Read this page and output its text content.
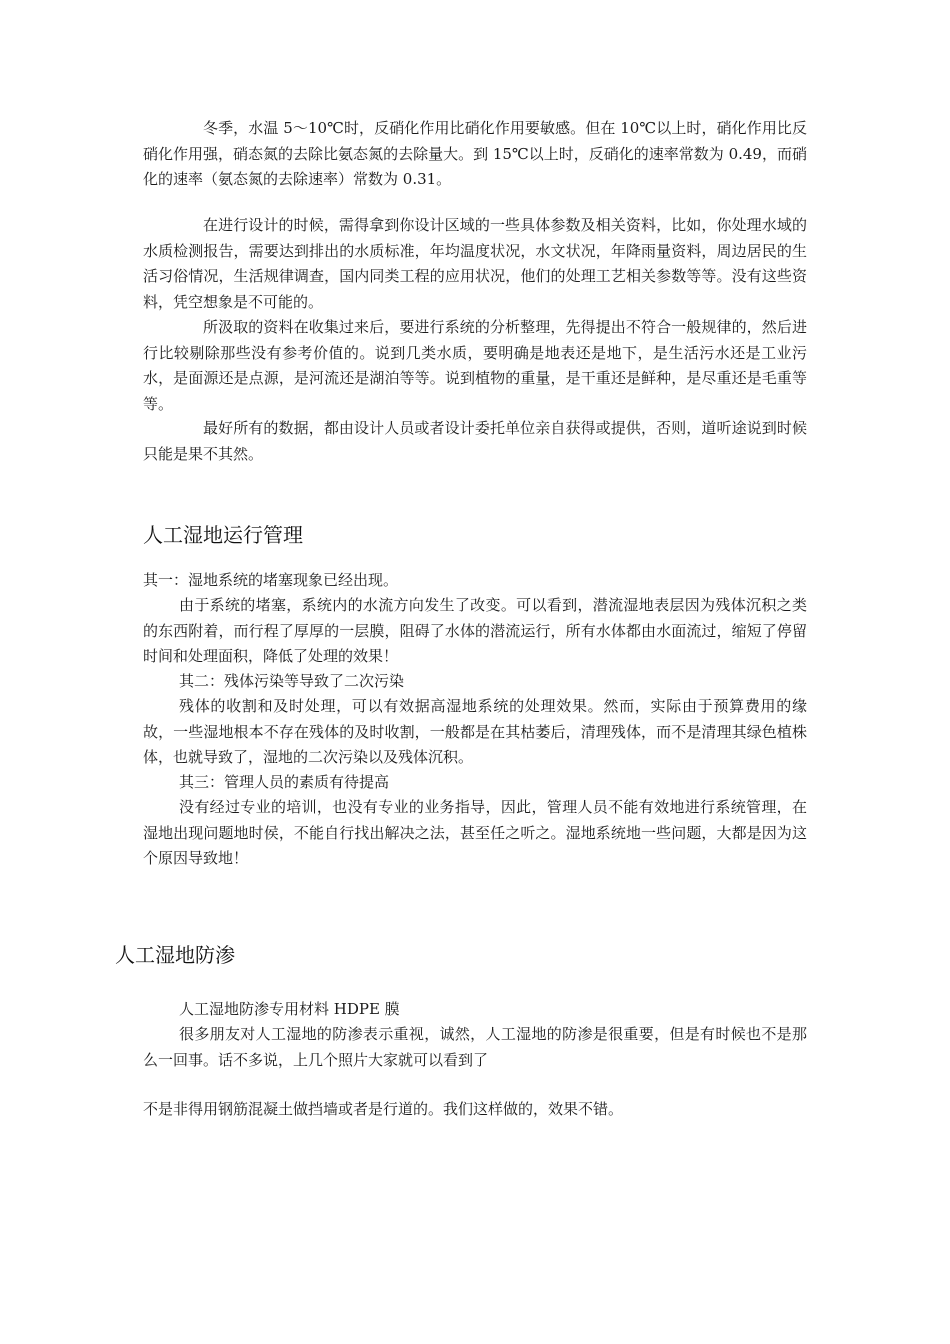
冬季，水温 5～10℃时，反硝化作用比硝化作用要敏感。但在 10℃以上时，硝化作用比反硝化作用强，硝态氮的去除比氨态氮的去除量大。到 15℃以上时，反硝化的速率常数为 0.49，而硝化的速率（氨态氮的去除速率）常数为 0.31。

在进行设计的时候，需得拿到你设计区域的一些具体参数及相关资料，比如，你处理水域的水质检测报告，需要达到排出的水质标准，年均温度状况，水文状况，年降雨量资料，周边居民的生活习俗情况，生活规律调查，国内同类工程的应用状况，他们的处理工艺相关参数等等。没有这些资料，凭空想象是不可能的。

所汲取的资料在收集过来后，要进行系统的分析整理，先得提出不符合一般规律的，然后进行比较剔除那些没有参考价值的。说到几类水质，要明确是地表还是地下，是生活污水还是工业污水，是面源还是点源，是河流还是湖泊等等。说到植物的重量，是干重还是鲜种，是尽重还是毛重等等。

最好所有的数据，都由设计人员或者设计委托单位亲自获得或提供，否则，道听途说到时候只能是果不其然。

人工湿地运行管理

其一：湿地系统的堵塞现象已经出现。

由于系统的堵塞，系统内的水流方向发生了改变。可以看到，潜流湿地表层因为残体沉积之类的东西附着，而行程了厚厚的一层膜，阻碍了水体的潜流运行，所有水体都由水面流过，缩短了停留时间和处理面积，降低了处理的效果！

其二：残体污染等导致了二次污染

残体的收割和及时处理，可以有效据高湿地系统的处理效果。然而，实际由于预算费用的缘故，一些湿地根本不存在残体的及时收割，一般都是在其枯萎后，清理残体，而不是清理其绿色植株体，也就导致了，湿地的二次污染以及残体沉积。

其三：管理人员的素质有待提高

没有经过专业的培训，也没有专业的业务指导，因此，管理人员不能有效地进行系统管理，在湿地出现问题地时侯，不能自行找出解决之法，甚至任之听之。湿地系统地一些问题，大都是因为这个原因导致地！

人工湿地防渗

人工湿地防渗专用材料 HDPE 膜

很多朋友对人工湿地的防渗表示重视，诚然，人工湿地的防渗是很重要，但是有时候也不是那么一回事。话不多说，上几个照片大家就可以看到了

不是非得用钢筋混凝土做挡墙或者是行道的。我们这样做的，效果不错。
